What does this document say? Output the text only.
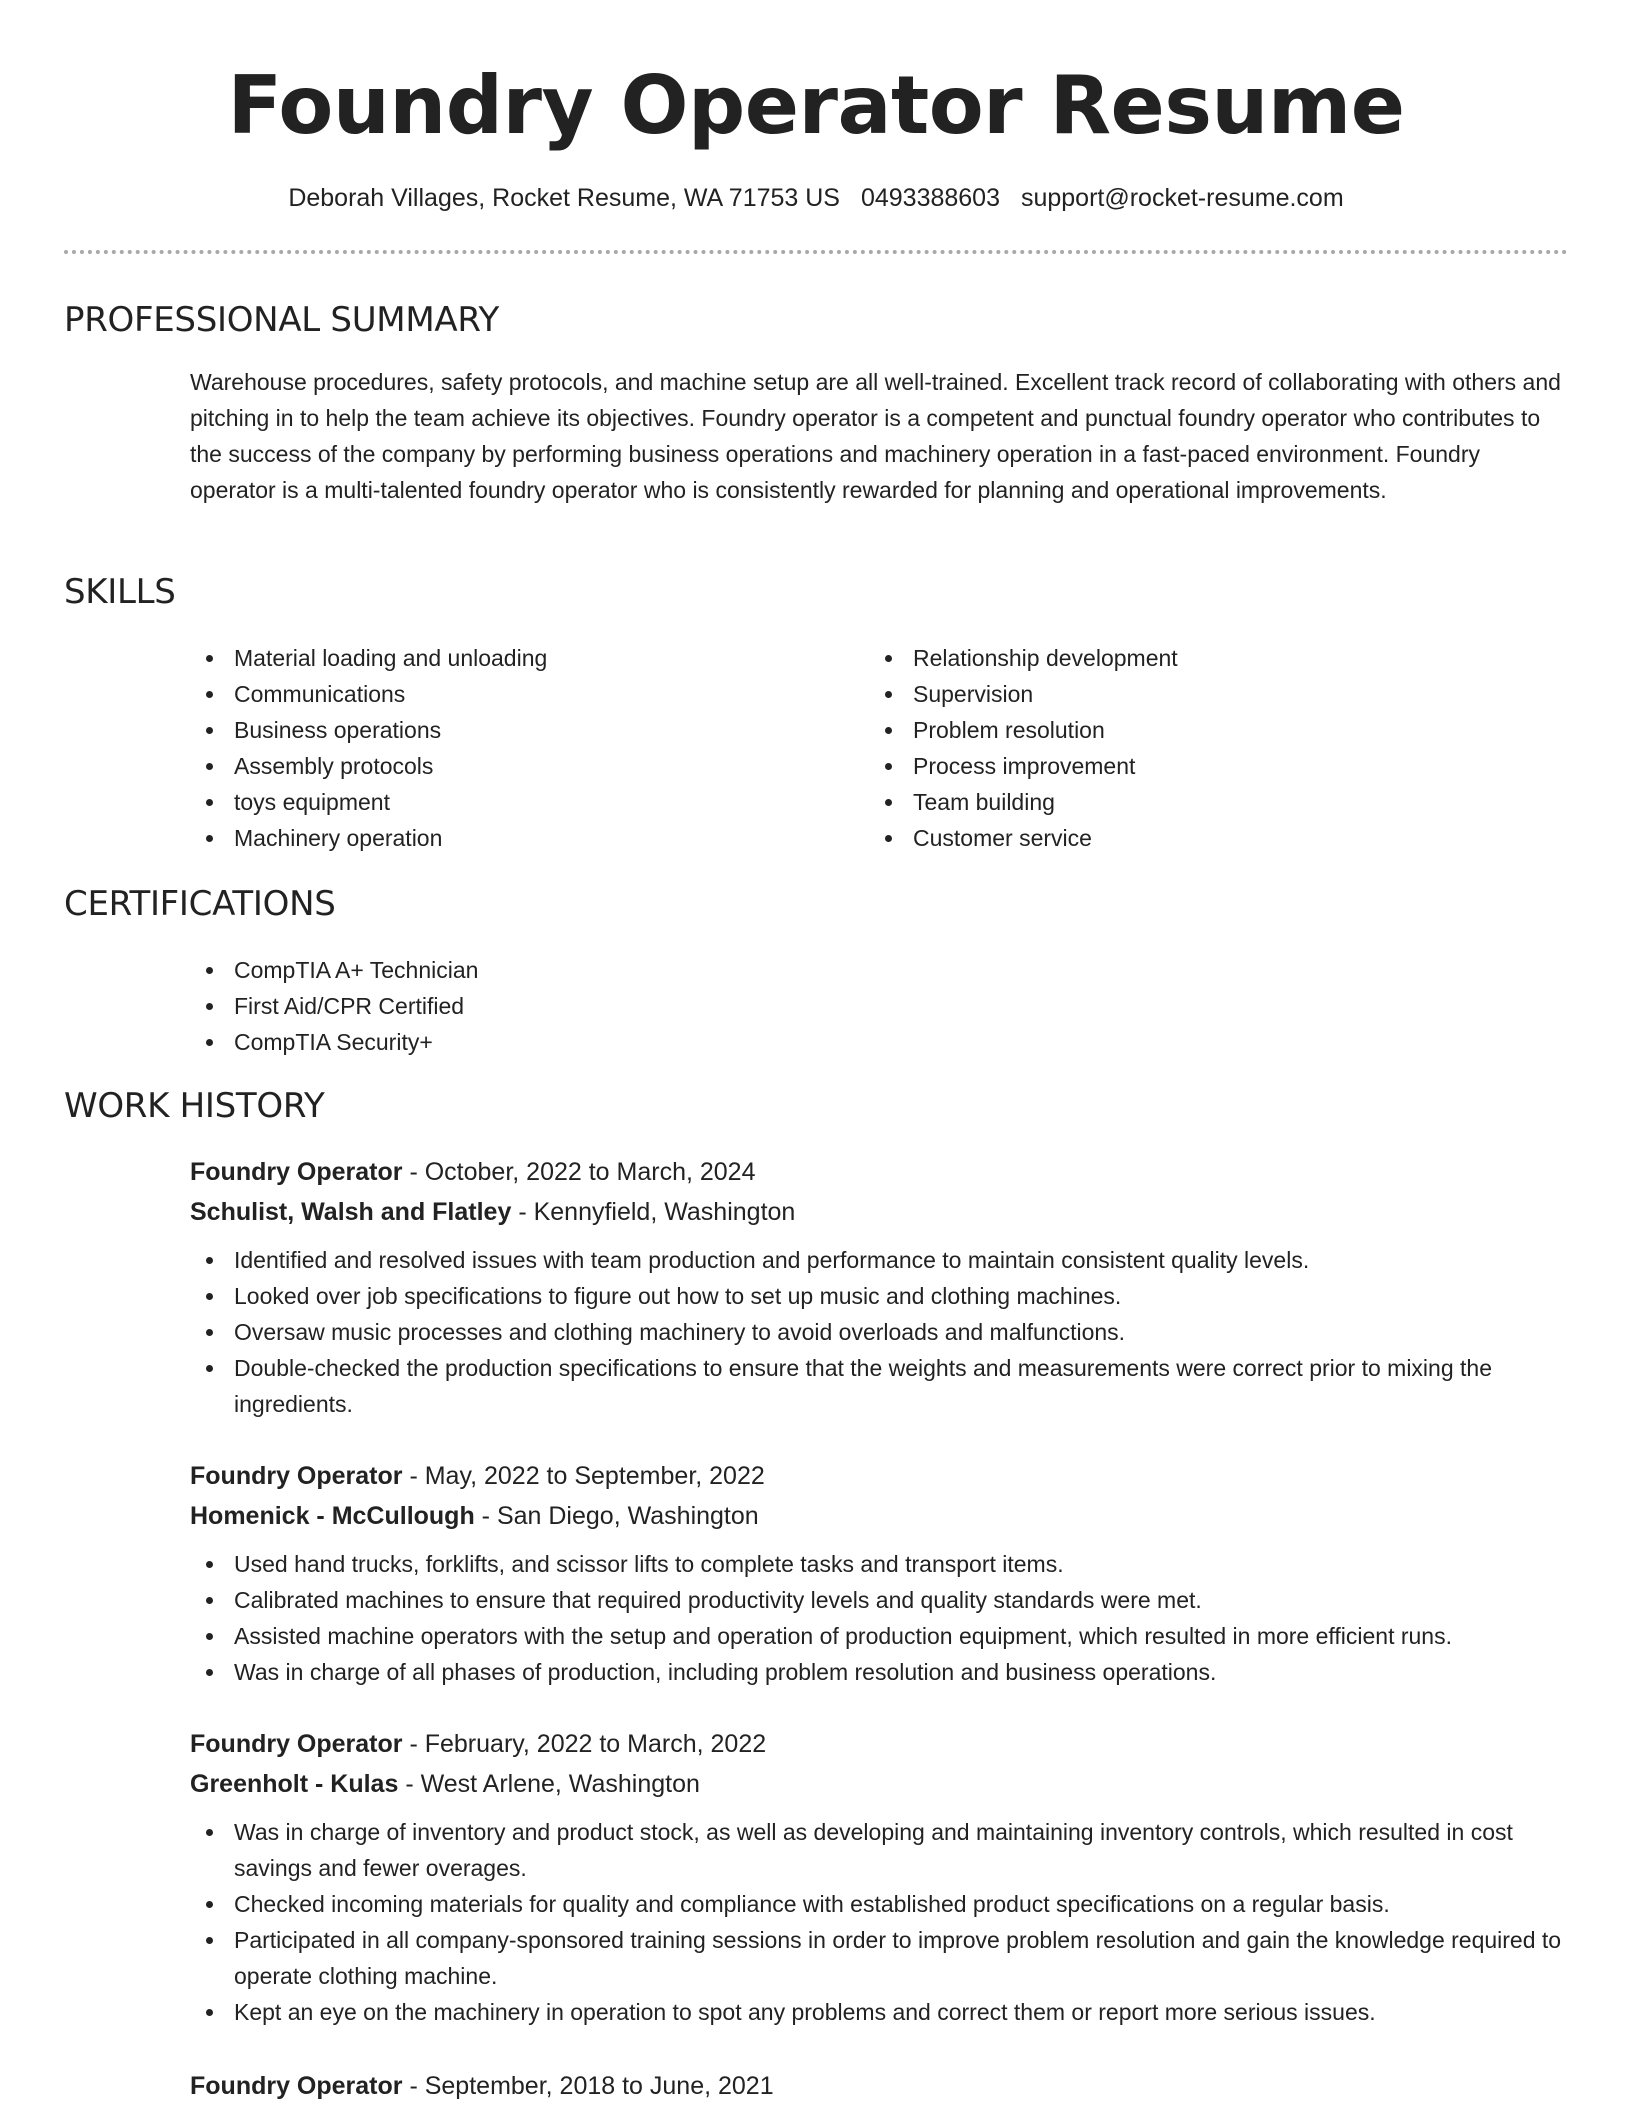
Foundry Operator Resume
Deborah Villages, Rocket Resume, WA 71753 US 0493388603 support@rocket-resume.com
PROFESSIONAL SUMMARY

Warehouse procedures, safety protocols, and machine setup are all well-trained. Excellent track record of collaborating with others and pitching in to help the team achieve its objectives. Foundry operator is a competent and punctual foundry operator who contributes to the success of the company by performing business operations and machinery operation in a fast-paced environment. Foundry operator is a multi-talented foundry operator who is consistently rewarded for planning and operational improvements.

SKILLS
Material loading and unloading
Communications
Business operations
Assembly protocols
toys equipment
Machinery operation
Relationship development
Supervision
Problem resolution
Process improvement
Team building
Customer service
CERTIFICATIONS
CompTIA A+ Technician
First Aid/CPR Certified
CompTIA Security+
WORK HISTORY
Foundry Operator - October, 2022 to March, 2024
Schulist, Walsh and Flatley - Kennyfield, Washington
Identified and resolved issues with team production and performance to maintain consistent quality levels.
Looked over job specifications to figure out how to set up music and clothing machines.
Oversaw music processes and clothing machinery to avoid overloads and malfunctions.
Double-checked the production specifications to ensure that the weights and measurements were correct prior to mixing the ingredients.
Foundry Operator - May, 2022 to September, 2022
Homenick - McCullough - San Diego, Washington
Used hand trucks, forklifts, and scissor lifts to complete tasks and transport items.
Calibrated machines to ensure that required productivity levels and quality standards were met.
Assisted machine operators with the setup and operation of production equipment, which resulted in more efficient runs.
Was in charge of all phases of production, including problem resolution and business operations.
Foundry Operator - February, 2022 to March, 2022
Greenholt - Kulas - West Arlene, Washington
Was in charge of inventory and product stock, as well as developing and maintaining inventory controls, which resulted in cost savings and fewer overages.
Checked incoming materials for quality and compliance with established product specifications on a regular basis.
Participated in all company-sponsored training sessions in order to improve problem resolution and gain the knowledge required to operate clothing machine.
Kept an eye on the machinery in operation to spot any problems and correct them or report more serious issues.
Foundry Operator - September, 2018 to June, 2021
